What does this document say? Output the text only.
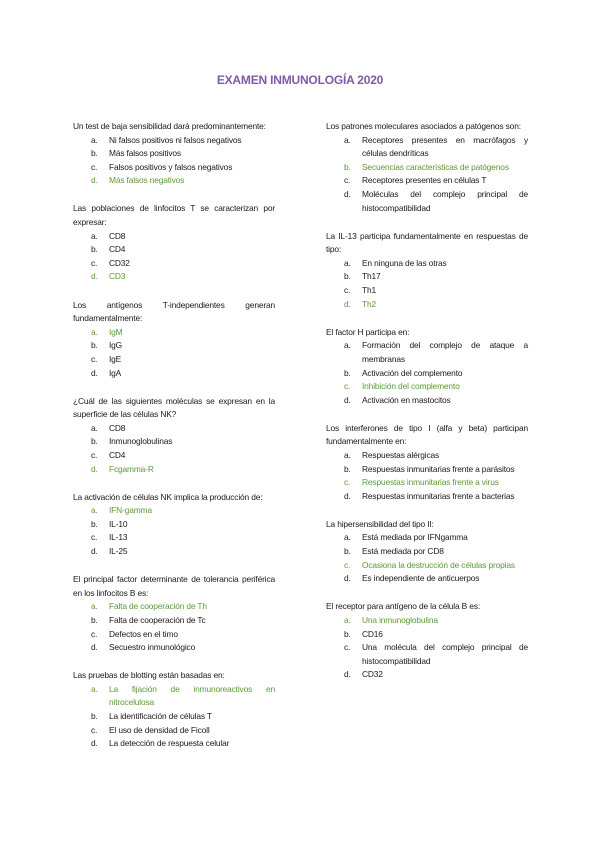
EXAMEN INMUNOLOGÍA 2020
Un test de baja sensibilidad dará predominantemente:
a.	Ni falsos positivos ni falsos negativos
b.	Más falsos positivos
c.	Falsos positivos y falsos negativos
d.	Más falsos negativos
Las poblaciones de linfocitos T se caracterizan por expresar:
a.	CD8
b.	CD4
c.	CD32
d.	CD3
Los antígenos T-independientes generan fundamentalmente:
a.	IgM
b.	IgG
c.	IgE
d.	IgA
¿Cuál de las siguientes moléculas se expresan en la superficie de las células NK?
a.	CD8
b.	Inmunoglobulinas
c.	CD4
d.	Fcgamma-R
La activación de células NK implica la producción de:
a.	IFN-gamma
b.	IL-10
c.	IL-13
d.	IL-25
El principal factor determinante de tolerancia periférica en los linfocitos B es:
a.	Falta de cooperación de Th
b.	Falta de cooperación de Tc
c.	Defectos en el timo
d.	Secuestro inmunológico
Las pruebas de blotting están basadas en:
a.	La fijación de inmunoreactivos en nitrocelulosa
b.	La identificación de células T
c.	El uso de densidad de Ficoll
d.	La detección de respuesta celular
Los patrones moleculares asociados a patógenos son:
a.	Receptores presentes en macrófagos y células dendríticas
b.	Secuencias características de patógenos
c.	Receptores presentes en células T
d.	Moléculas del complejo principal de histocompatibilidad
La IL-13 participa fundamentalmente en respuestas de tipo:
a.	En ninguna de las otras
b.	Th17
c.	Th1
d.	Th2
El factor H participa en:
a.	Formación del complejo de ataque a membranas
b.	Activación del complemento
c.	Inhibición del complemento
d.	Activación en mastocitos
Los interferones de tipo I (alfa y beta) participan fundamentalmente en:
a.	Respuestas alérgicas
b.	Respuestas inmunitarias frente a parásitos
c.	Respuestas inmunitarias frente a virus
d.	Respuestas inmunitarias frente a bacterias
La hipersensibilidad del tipo II:
a.	Está mediada por IFNgamma
b.	Está mediada por CD8
c.	Ocasiona la destrucción de células propias
d.	Es independiente de anticuerpos
El receptor para antígeno de la célula B es:
a.	Una inmunoglobulina
b.	CD16
c.	Una molécula del complejo principal de histocompatibilidad
d.	CD32
